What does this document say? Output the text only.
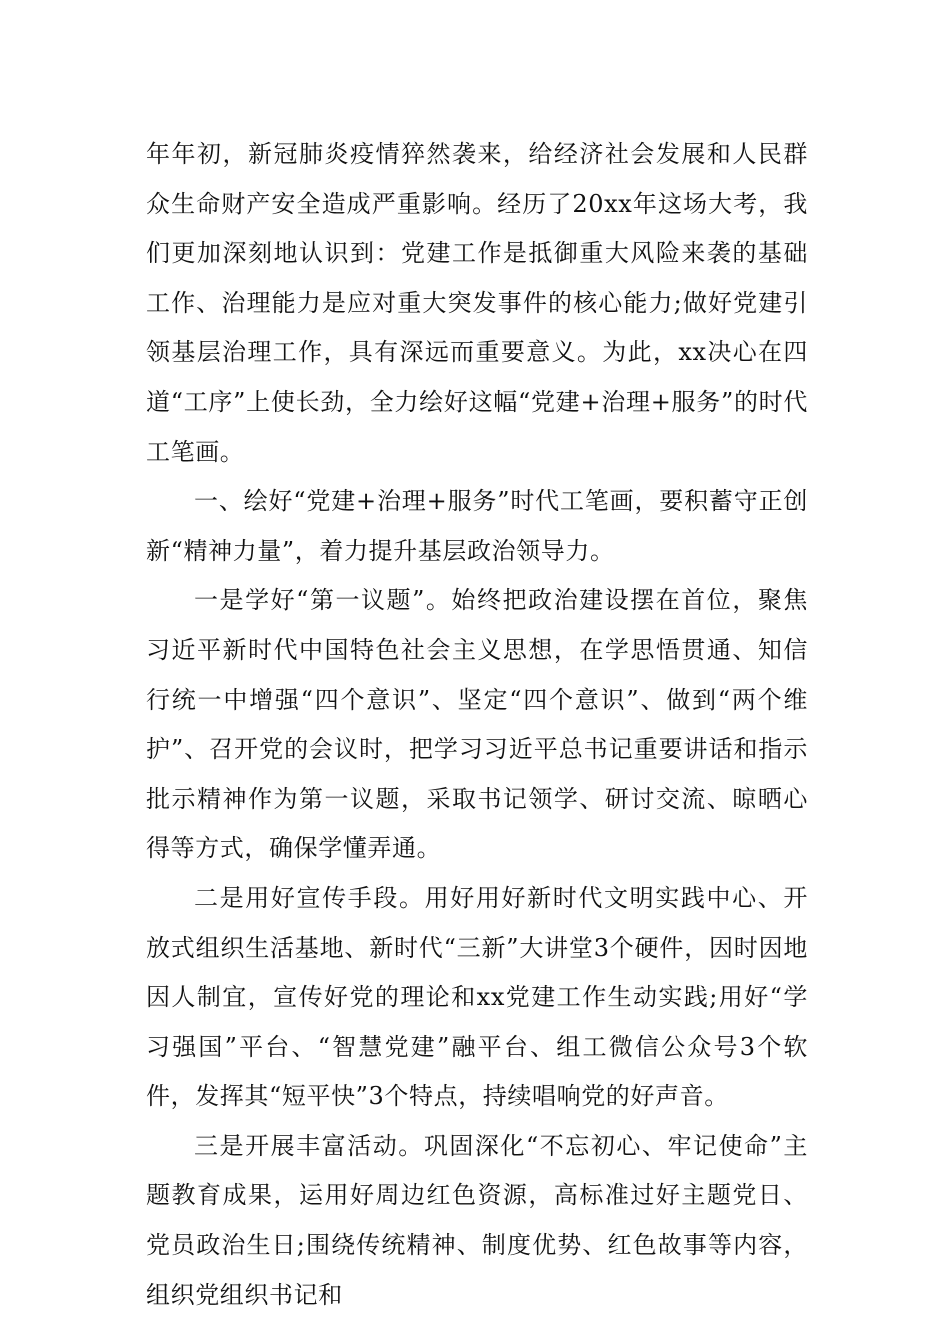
年年初，新冠肺炎疫情猝然袭来，给经济社会发展和人民群众生命财产安全造成严重影响。经历了20xx年这场大考，我们更加深刻地认识到：党建工作是抵御重大风险来袭的基础工作、治理能力是应对重大突发事件的核心能力;做好党建引领基层治理工作，具有深远而重要意义。为此，xx决心在四道“工序”上使长劲，全力绘好这幅“党建+治理+服务”的时代工笔画。

一、绘好“党建+治理+服务”时代工笔画，要积蓄守正创新“精神力量”，着力提升基层政治领导力。

一是学好“第一议题”。始终把政治建设摆在首位，聚焦习近平新时代中国特色社会主义思想，在学思悟贯通、知信行统一中增强“四个意识”、坚定“四个意识”、做到“两个维护”、召开党的会议时，把学习习近平总书记重要讲话和指示批示精神作为第一议题，采取书记领学、研讨交流、晾晒心得等方式，确保学懂弄通。

二是用好宣传手段。用好用好新时代文明实践中心、开放式组织生活基地、新时代“三新”大讲堂3个硬件，因时因地因人制宜，宣传好党的理论和xx党建工作生动实践;用好“学习强国”平台、“智慧党建”融平台、组工微信公众号3个软件，发挥其“短平快”3个特点，持续唱响党的好声音。

三是开展丰富活动。巩固深化“不忘初心、牢记使命”主题教育成果，运用好周边红色资源，高标准过好主题党日、党员政治生日;围绕传统精神、制度优势、红色故事等内容，组织党组织书记和
